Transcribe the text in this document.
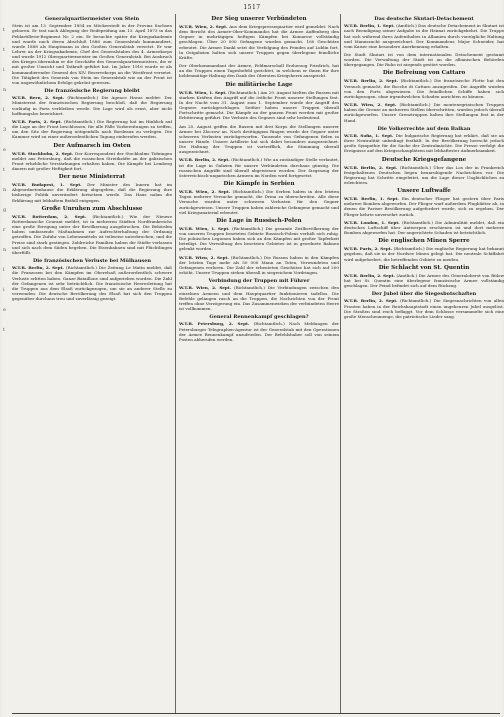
1517
t
t
i
n
l
3
e
t
n
g
r
n
l
i
e
t
Generalquartiermeister von Stein
Stein ist am 13. September 1854 zu Möckerstedt in der Provinz Sachsen geboren. Er trat nach Ablegung der Reifeprüfung am 13. April 1873 in das Feldartillerie-Regiment Nr. 2 ein. Er besuchte später die Kriegsakademie und wurde nach deren Abschluß 1886 zum Generalstab kommandiert, wurde 1888 als Hauptmann in den Großen Generalstab versetzt. Er war Lehrer an der Kriegsakademie, Chef des Generalstabes des 4. Armeekorps und wurde 1912 Oberquartiermeister im Großen Generalstab. Bei Ausbruch des Krieges übernahm er die Geschäfte des Generalquartiermeisters, die er mit großer Umsicht und Tatkraft geführt hat. Im Jahre 1916 wurde er als kommandierender General des XIV. Reservekorps an die Westfront versetzt. Die Tätigkeit des Generals von Stein im Generalstab wie an der Front ist von ungewöhnlichem Erfolge gekrönt gewesen.
Die französische Regierung bleibt
W.T.B. Bern, 2. Sept. (Richtamtlich.) Die Agence Havas meldet: Der Ministerrat der französischen Regierung beschloß, daß die Regierung vorläufig in Paris verbleiben werde. Die Lage wird als ernst, aber nicht hoffnungslos bezeichnet.
W.T.B. Paris, 2. Sept. (Richtamtlich.) Die Regierung hat im Hinblick auf die Lage an der Front beschlossen, für alle Fälle Vorbereitungen zu treffen, um den Sitz der Regierung nötigenfalls nach Bordeaux zu verlegen. Die Kammer wird zu einer außerordentlichen Tagung einberufen werden.
Der Aufmarsch im Osten
W.T.B. Stockholm, 2. Sept. Der Korrespondent der Stockholms Tidningen meldet aus Petersburg, daß die russischen Streitkräfte an der galizischen Front erhebliche Verstärkungen erhalten haben. Die Kämpfe bei Lemberg dauern mit großer Heftigkeit fort.
Der neue Ministerrat
W.T.B. Budapest, 1. Sept. Der Minister des Innern hat im Abgeordnetenhause die Erklärung abgegeben, daß die Regierung ihre bisherige Politik unverändert fortsetzen werde. Das Haus nahm die Erklärung mit lebhaftem Beifall entgegen.
Große Unruhen zum Abschlusse
W.T.B. Rotterdam, 2. Sept. (Richtamtlich.) Wie der Nieuwe Rotterdamsche Courant meldet, ist in mehreren Städten Nordfrankreichs eine große Erregung unter der Bevölkerung ausgebrochen. Die Behörden haben umfassende Maßnahmen zur Aufrechterhaltung der Ordnung getroffen. Die Zufuhr von Lebensmitteln ist teilweise unterbrochen, und die Preise sind stark gestiegen. Zahlreiche Familien haben die Städte verlassen und sich nach dem Süden begeben. Die Eisenbahnen sind mit Flüchtlingen überfüllt.
Die französischen Verluste bei Mülhausen
W.T.B. Berlin, 2. Sept. (Richtamtlich.) Die Zeitung Le Matin meldet, daß die Franzosen bei den Kämpfen im Oberelsaß außerordentlich schwere Verluste erlitten haben. Ganze Bataillone sind aufgerieben worden. Die Zahl der Gefangenen ist sehr beträchtlich. Die französische Heeresleitung hat die Truppen aus dem Elsaß zurückgezogen, um sie an anderer Stelle zu verwenden. Die deutsche Bevölkerung des Elsaß hat sich den Truppen gegenüber durchaus treu und zuverlässig gezeigt.
Der Sieg unserer Verbündeten
W.T.B. Wien, 2. Sept. Aus dem Kriegspressequartier wird gemeldet: Nach dem Bericht des Armee-Ober-Kommandos hat die Armee Auffenberg den Gegner in mehrtägigen heftigen Kämpfen bei Komarow vollständig geschlagen. Über 20 000 Gefangene wurden gemacht, 160 Geschütze erbeutet. Die Armee Dankl setzt die Verfolgung des Feindes auf Lublin fort. In Ostgalizien halten sich unsere Truppen gegen überlegene feindliche Kräfte.
Der Oberkommandant der Armee, Feldmarschall Erzherzog Friedrich, hat an die Truppen einen Tagesbefehl gerichtet, in welchem er ihnen für ihre heldenmütige Haltung den Dank des Obersten Kriegsherrn ausspricht.
Die militärische Lage
W.T.B. Wien, 1. Sept. (Richtamtlich.) Am 29. August hielten die Russen mit starken Kräften den Angriff auf die östliche Front unserer Stellungen fest. In der Nacht vom 31. August zum 1. September wurde der Angriff des Gegners zurückgeschlagen. Seither haben unsere Truppen überall Fortschritte gemacht. Die Kämpfe an der ganzen Front werden mit großer Erbitterung geführt. Die Verluste des Gegners sind sehr bedeutend.
Am 25. August griffen die Russen mit drei Korps die Stellungen unserer Armee bei Zloczow an. Nach dreitägigem Ringen wurde der Gegner unter schweren Verlusten zurückgeworfen. Tausende von Gefangenen fielen in unsere Hände. Unsere Artillerie hat sich dabei besonders ausgezeichnet. Die Haltung der Truppen ist vortrefflich, die Stimmung überall ausgezeichnet.
W.T.B. Berlin, 2. Sept. (Richtamtlich.) Wie an zuständiger Stelle verlautet, ist die Lage in Galizien für unsere Verbündeten durchaus günstig. Die russischen Angriffe sind überall abgewiesen worden. Der Siegeszug der österreichisch-ungarischen Armeen im Norden wird fortgesetzt.
Die Kämpfe in Serbien
W.T.B. Wien, 2. Sept. (Richtamtlich.) Die Serben haben in den letzten Tagen mehrere Versuche gemacht, die Drina zu überschreiten. Alle diese Versuche wurden unter schweren Verlusten für den Gegner zurückgewiesen. Unsere Truppen haben zahlreiche Gefangene gemacht und viel Kriegsmaterial erbeutet.
Die Lage in Russisch-Polen
W.T.B. Wien, 1. Sept. (Richtamtlich.) Die gesamte Zivilbevölkerung der von unseren Truppen besetzten Gebiete Russisch-Polens verhält sich ruhig. Die polnischen Legionen haben sich an den Kämpfen mit großer Tapferkeit beteiligt. Die Verwaltung des besetzten Gebietes ist in geordnete Bahnen gelenkt worden.
W.T.B. Wien, 2. Sept. (Richtamtlich.) Die Russen haben in den Kämpfen der letzten Tage mehr als 50 000 Mann an Toten, Verwundeten und Gefangenen verloren. Die Zahl der erbeuteten Geschütze hat sich auf 200 erhöht. Unsere Truppen stehen überall in siegreichem Vordringen.
Verbindung der Truppen mit Führer
W.T.B. Wien, 2. Sept. (Richtamtlich.) Die Verbindungen zwischen den einzelnen Armeen und dem Hauptquartier funktionieren tadellos. Die Befehle gelangen rasch an die Truppen, die Nachrichten von der Front treffen ohne Verzögerung ein. Das Zusammenwirken der verbündeten Heere ist vollkommen.
General Rennenkampf geschlagen?
W.T.B. Petersburg, 2. Sept. (Richtamtlich.) Nach Meldungen der Petersburger Telegraphen-Agentur ist der Generalstab mit den Operationen der Armee Rennenkampf unzufrieden. Der Befehlshaber soll von seinem Posten abberufen werden.
Das deutsche Skutari-Detachement
W.T.B. Berlin, 1. Sept. (Amtlich.) Das deutsche Detachement in Skutari ist nach Beendigung seiner Aufgabe in die Heimat zurückgekehrt. Die Truppe hat sich während ihres Aufenthaltes in Albanien durch vorzügliche Haltung und Mannszucht ausgezeichnet. Der Kommandeur, Major Schneider, hat vom Kaiser eine besondere Anerkennung erhalten.
Die Stadt Skutari ist von dem internationalen Detachement geräumt worden. Die Verwaltung der Stadt ist an die albanischen Behörden übergegangen. Die Ruhe ist nirgends gestört worden.
Die Befreiung von Cattaro
W.T.B. Berlin, 2. Sept. (Richtamtlich.) Die französische Flotte hat den Versuch gemacht, die Bocche di Cattaro anzugreifen. Die Angriffe wurden von den Forts abgewiesen. Die feindlichen Schiffe haben sich zurückgezogen, ohne irgendwelchen Schaden anrichten zu können.
W.T.B. Wien, 2. Sept. (Richtamtlich.) Die montenegrinischen Truppen haben die Grenze an mehreren Stellen überschritten, wurden jedoch überall zurückgeworfen. Unsere Grenztruppen halten ihre Stellungen fest in der Hand.
Die Volkerrechte auf dem Balkan
W.T.B. Sofia, 1. Sept. Die bulgarische Regierung hat erklärt, daß sie an ihrer Neutralität unbedingt festhält. In der Bevölkerung herrscht jedoch große Sympathie für die Sache der Zentralmächte. Die Presse verfolgt die Ereignisse auf den Kriegsschauplätzen mit lebhaftester Aufmerksamkeit.
Deutsche Kriegsgefangene
W.T.B. Berlin, 2. Sept. (Richtamtlich.) Über das Los der in Frankreich festgehaltenen Deutschen liegen beunruhigende Nachrichten vor. Die Regierung hat Schritte eingeleitet, um die Lage dieser Unglücklichen zu erleichtern.
Unsere Luftwaffe
W.T.B. Berlin, 1. Sept. Ein deutscher Flieger hat gestern über Paris mehrere Bomben abgeworfen. Der Flieger warf außerdem Flugblätter ab, in denen die Pariser Bevölkerung aufgefordert wurde, sich zu ergeben. Der Flieger kehrte unversehrt zurück.
W.T.B. London, 1. Sept. (Richtamtlich.) Die Admiralität meldet, daß ein deutsches Luftschiff über Antwerpen erschienen ist und dort mehrere Bomben abgeworfen hat. Der angerichtete Schaden ist beträchtlich.
Die englischen Minen Sperre
W.T.B. Paris, 2. Sept. (Richtamtlich.) Die englische Regierung hat bekannt gegeben, daß sie in der Nordsee Minen gelegt hat. Die neutrale Schiffahrt wird aufgefordert, die betreffenden Gebiete zu meiden.
Die Schlacht von St. Quentin
W.T.B. Berlin, 2. Sept. (Amtlich.) Die Armee des Generaloberst von Bülow hat bei St. Quentin eine überlegene französische Armee vollständig geschlagen. Der Feind befindet sich auf dem Rückzug.
Der Jubel über die Siegesbotschaften
W.T.B. Berlin, 2. Sept. (Richtamtlich.) Die Siegesnachrichten von allen Fronten haben in der Reichshauptstadt einen ungeheuren Jubel ausgelöst. Die Straßen sind reich beflaggt. Vor dem Schlosse versammelte sich eine große Menschenmenge, die patriotische Lieder sang.
